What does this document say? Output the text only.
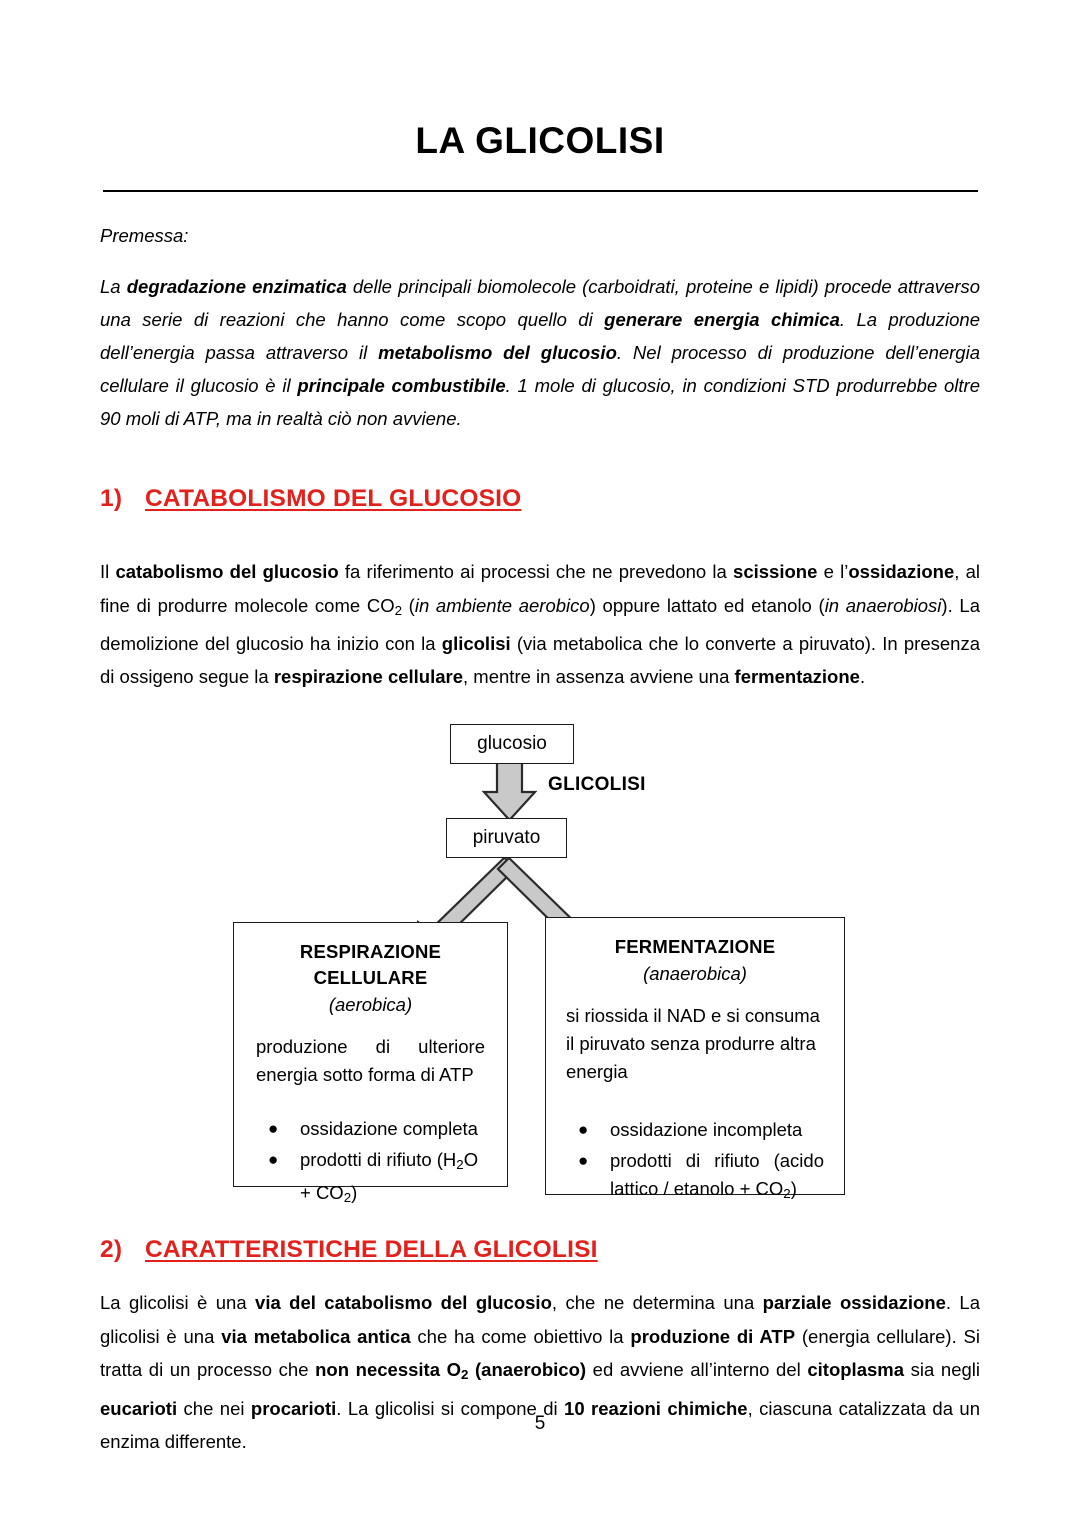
LA GLICOLISI

Premessa:

La degradazione enzimatica delle principali biomolecole (carboidrati, proteine e lipidi) procede attraverso una serie di reazioni che hanno come scopo quello di generare energia chimica. La produzione dell’energia passa attraverso il metabolismo del glucosio. Nel processo di produzione dell’energia cellulare il glucosio è il principale combustibile. 1 mole di glucosio, in condizioni STD produrrebbe oltre 90 moli di ATP, ma in realtà ciò non avviene.

1) CATABOLISMO DEL GLUCOSIO

Il catabolismo del glucosio fa riferimento ai processi che ne prevedono la scissione e l’ossidazione, al fine di produrre molecole come $CO_2$ (in ambiente aerobico) oppure lattato ed etanolo (in anaerobiosi). La demolizione del glucosio ha inizio con la glicolisi (via metabolica che lo converte a piruvato). In presenza di ossigeno segue la respirazione cellulare, mentre in assenza avviene una fermentazione.

glucosio
GLICOLISI
piruvato
RESPIRAZIONE CELLULARE
(aerobica)
produzione di ulteriore energia sotto forma di ATP
● ossidazione completa
● prodotti di rifiuto $(H_2O + CO_2)$
FERMENTAZIONE
(anaerobica)
si riossida il NAD e si consuma il piruvato senza produrre altra energia
● ossidazione incompleta
● prodotti di rifiuto (acido lattico / etanolo + $CO_2$)
2) CARATTERISTICHE DELLA GLICOLISI

La glicolisi è una via del catabolismo del glucosio, che ne determina una parziale ossidazione. La glicolisi è una via metabolica antica che ha come obiettivo la produzione di ATP (energia cellulare). Si tratta di un processo che non necessita $O_2$ (anaerobico) ed avviene all’interno del citoplasma sia negli eucarioti che nei procarioti. La glicolisi si compone di 10 reazioni chimiche, ciascuna catalizzata da un enzima differente.

5
